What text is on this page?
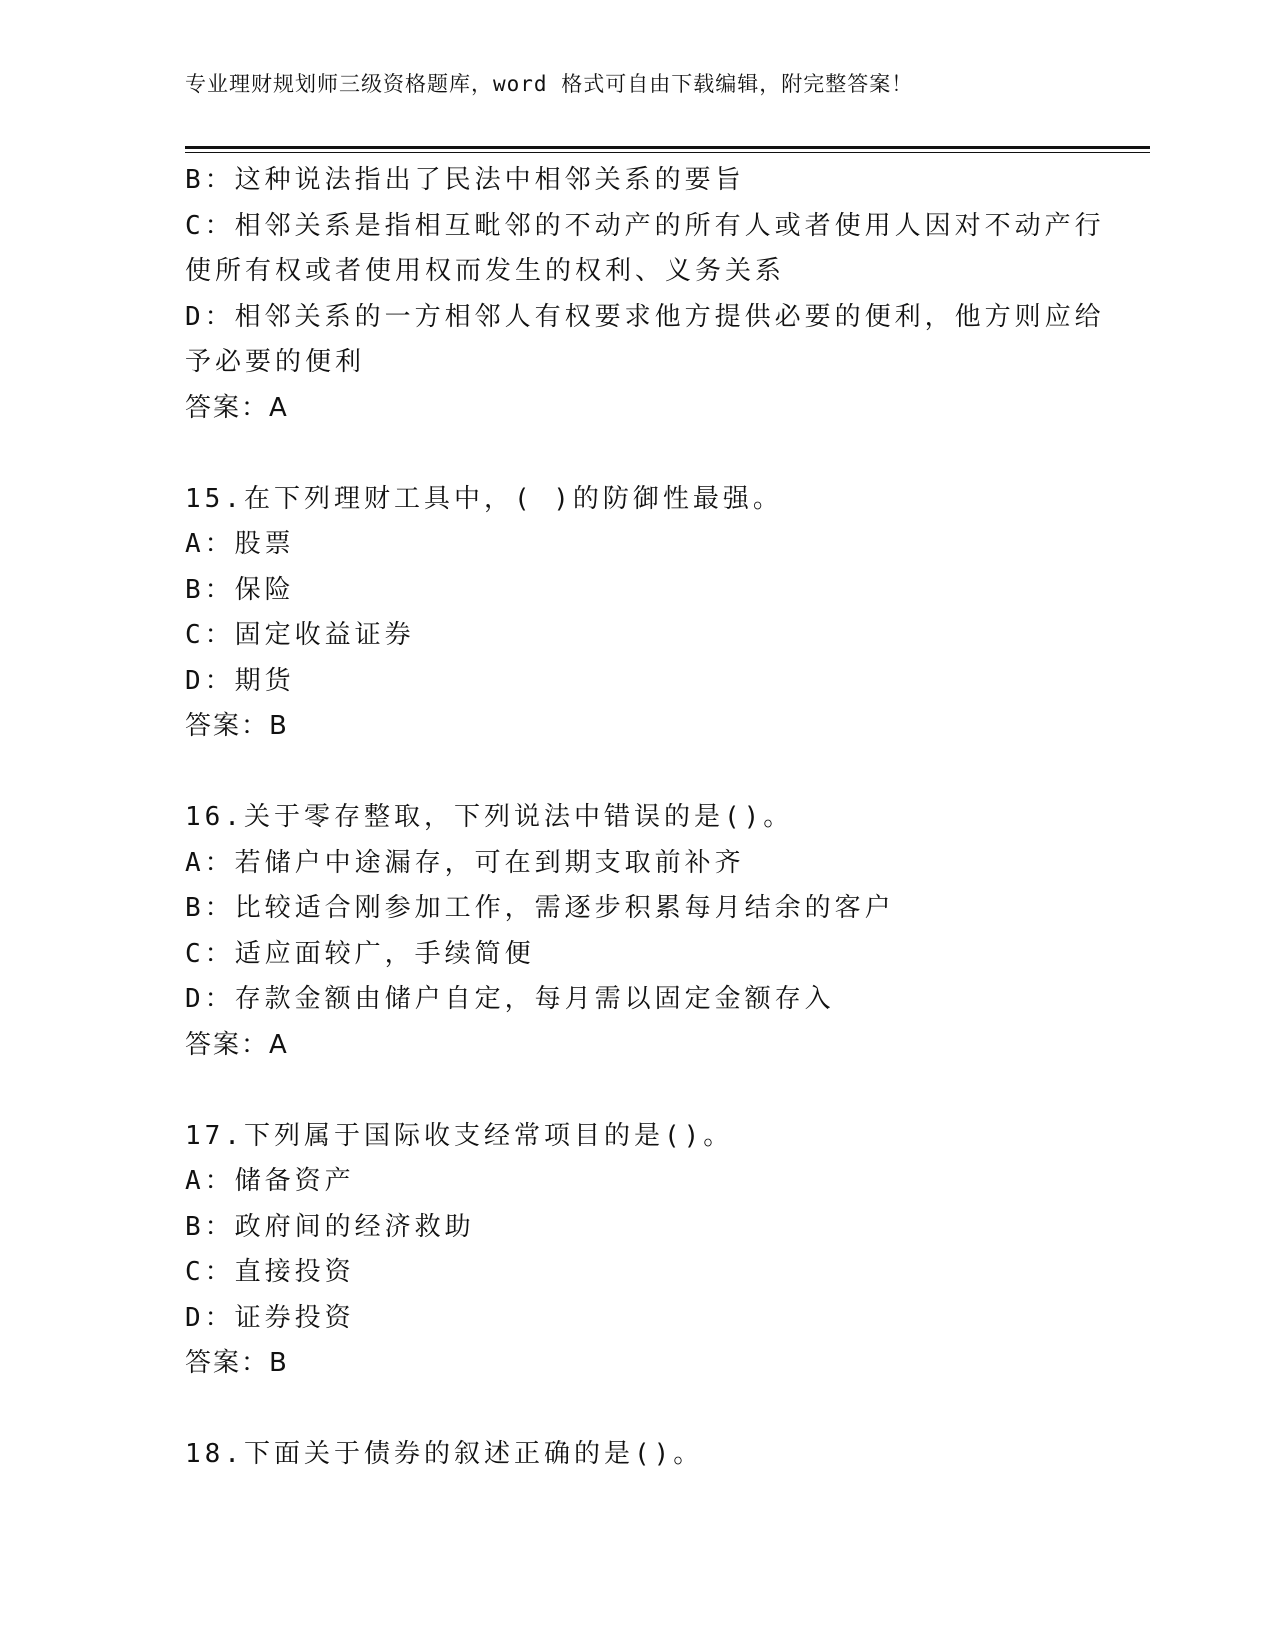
专业理财规划师三级资格题库，word 格式可自由下载编辑，附完整答案！
B：这种说法指出了民法中相邻关系的要旨
C：相邻关系是指相互毗邻的不动产的所有人或者使用人因对不动产行
使所有权或者使用权而发生的权利、义务关系
D：相邻关系的一方相邻人有权要求他方提供必要的便利，他方则应给
予必要的便利
答案：A
15.在下列理财工具中，( )的防御性最强。
A：股票
B：保险
C：固定收益证券
D：期货
答案：B
16.关于零存整取，下列说法中错误的是()。
A：若储户中途漏存，可在到期支取前补齐
B：比较适合刚参加工作，需逐步积累每月结余的客户
C：适应面较广，手续简便
D：存款金额由储户自定，每月需以固定金额存入
答案：A
17.下列属于国际收支经常项目的是()。
A：储备资产
B：政府间的经济救助
C：直接投资
D：证券投资
答案：B
18.下面关于债券的叙述正确的是()。
